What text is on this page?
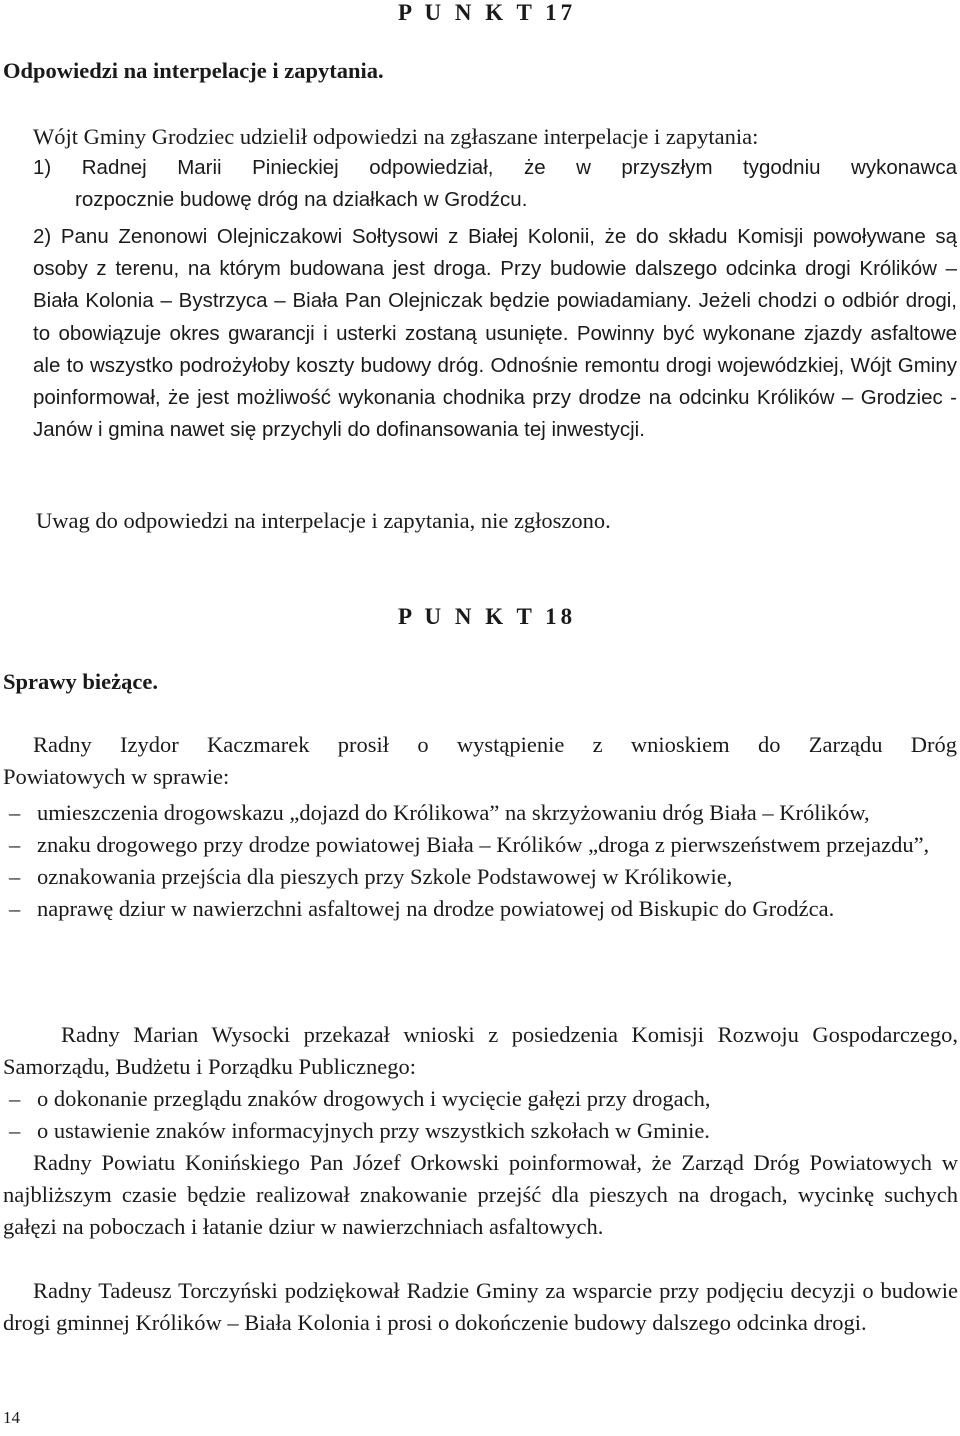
P U N K T 17
Odpowiedzi na interpelacje i zapytania.
Wójt Gminy Grodziec udzielił odpowiedzi na zgłaszane interpelacje i zapytania:
1) Radnej Marii Pinieckiej odpowiedział, że w przyszłym tygodniu wykonawca
rozpocznie budowę dróg na działkach w Grodźcu.
2) Panu Zenonowi Olejniczakowi Sołtysowi z Białej Kolonii, że do składu Komisji powoływane są osoby z terenu, na którym budowana jest droga. Przy budowie dalszego odcinka drogi Królików – Biała Kolonia – Bystrzyca – Biała Pan Olejniczak będzie powiadamiany. Jeżeli chodzi o odbiór drogi, to obowiązuje okres gwarancji i usterki zostaną usunięte. Powinny być wykonane zjazdy asfaltowe ale to wszystko podrożyłoby koszty budowy dróg. Odnośnie remontu drogi wojewódzkiej, Wójt Gminy poinformował, że jest możliwość wykonania chodnika przy drodze na odcinku Królików – Grodziec - Janów i gmina nawet się przychyli do dofinansowania tej inwestycji.
Uwag do odpowiedzi na interpelacje i zapytania, nie zgłoszono.
P U N K T 18
Sprawy bieżące.
Radny Izydor Kaczmarek prosił o wystąpienie z wnioskiem do Zarządu Dróg
Powiatowych w sprawie:
– umieszczenia drogowskazu „dojazd do Królikowa” na skrzyżowaniu dróg Biała – Królików,
– znaku drogowego przy drodze powiatowej Biała – Królików „droga z pierwszeństwem przejazdu”,
– oznakowania przejścia dla pieszych przy Szkole Podstawowej w Królikowie,
– naprawę dziur w nawierzchni asfaltowej na drodze powiatowej od Biskupic do Grodźca.
Radny Marian Wysocki przekazał wnioski z posiedzenia Komisji Rozwoju Gospodarczego, Samorządu, Budżetu i Porządku Publicznego:
– o dokonanie przeglądu znaków drogowych i wycięcie gałęzi przy drogach,
– o ustawienie znaków informacyjnych przy wszystkich szkołach w Gminie.
Radny Powiatu Konińskiego Pan Józef Orkowski poinformował, że Zarząd Dróg Powiatowych w najbliższym czasie będzie realizował znakowanie przejść dla pieszych na drogach, wycinkę suchych gałęzi na poboczach i łatanie dziur w nawierzchniach asfaltowych.
Radny Tadeusz Torczyński podziękował Radzie Gminy za wsparcie przy podjęciu decyzji o budowie drogi gminnej Królików – Biała Kolonia i prosi o dokończenie budowy dalszego odcinka drogi.
14
